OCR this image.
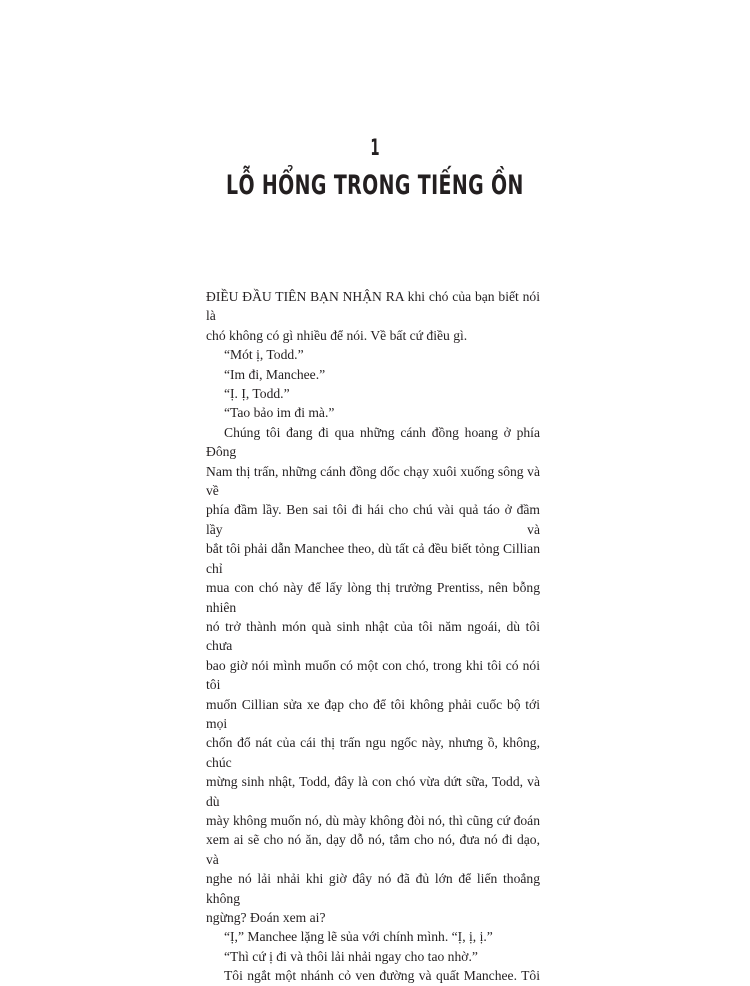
1
LỖ HỔNG TRONG TIẾNG ỒN

ĐIỀU ĐẦU TIÊN BẠN NHẬN RA khi chó của bạn biết nói là
chó không có gì nhiều để nói. Về bất cứ điều gì.

“Mót ị, Todd.”

“Im đi, Manchee.”

“Ị. Ị, Todd.”

“Tao bảo im đi mà.”

Chúng tôi đang đi qua những cánh đồng hoang ở phía Đông
Nam thị trấn, những cánh đồng dốc chạy xuôi xuống sông và về
phía đầm lầy. Ben sai tôi đi hái cho chú vài quả táo ở đầm lầy và
bắt tôi phải dẫn Manchee theo, dù tất cả đều biết tỏng Cillian chỉ
mua con chó này để lấy lòng thị trưởng Prentiss, nên bỗng nhiên
nó trở thành món quà sinh nhật của tôi năm ngoái, dù tôi chưa
bao giờ nói mình muốn có một con chó, trong khi tôi có nói tôi
muốn Cillian sửa xe đạp cho để tôi không phải cuốc bộ tới mọi
chốn đổ nát của cái thị trấn ngu ngốc này, nhưng ồ, không, chúc
mừng sinh nhật, Todd, đây là con chó vừa dứt sữa, Todd, và dù
mày không muốn nó, dù mày không đòi nó, thì cũng cứ đoán
xem ai sẽ cho nó ăn, dạy dỗ nó, tắm cho nó, đưa nó đi dạo, và
nghe nó lải nhải khi giờ đây nó đã đủ lớn để liến thoắng không
ngừng? Đoán xem ai?

“Ị,” Manchee lặng lẽ sủa với chính mình. “Ị, ị, ị.”

“Thì cứ ị đi và thôi lải nhải ngay cho tao nhờ.”

Tôi ngắt một nhánh cỏ ven đường và quất Manchee. Tôi
